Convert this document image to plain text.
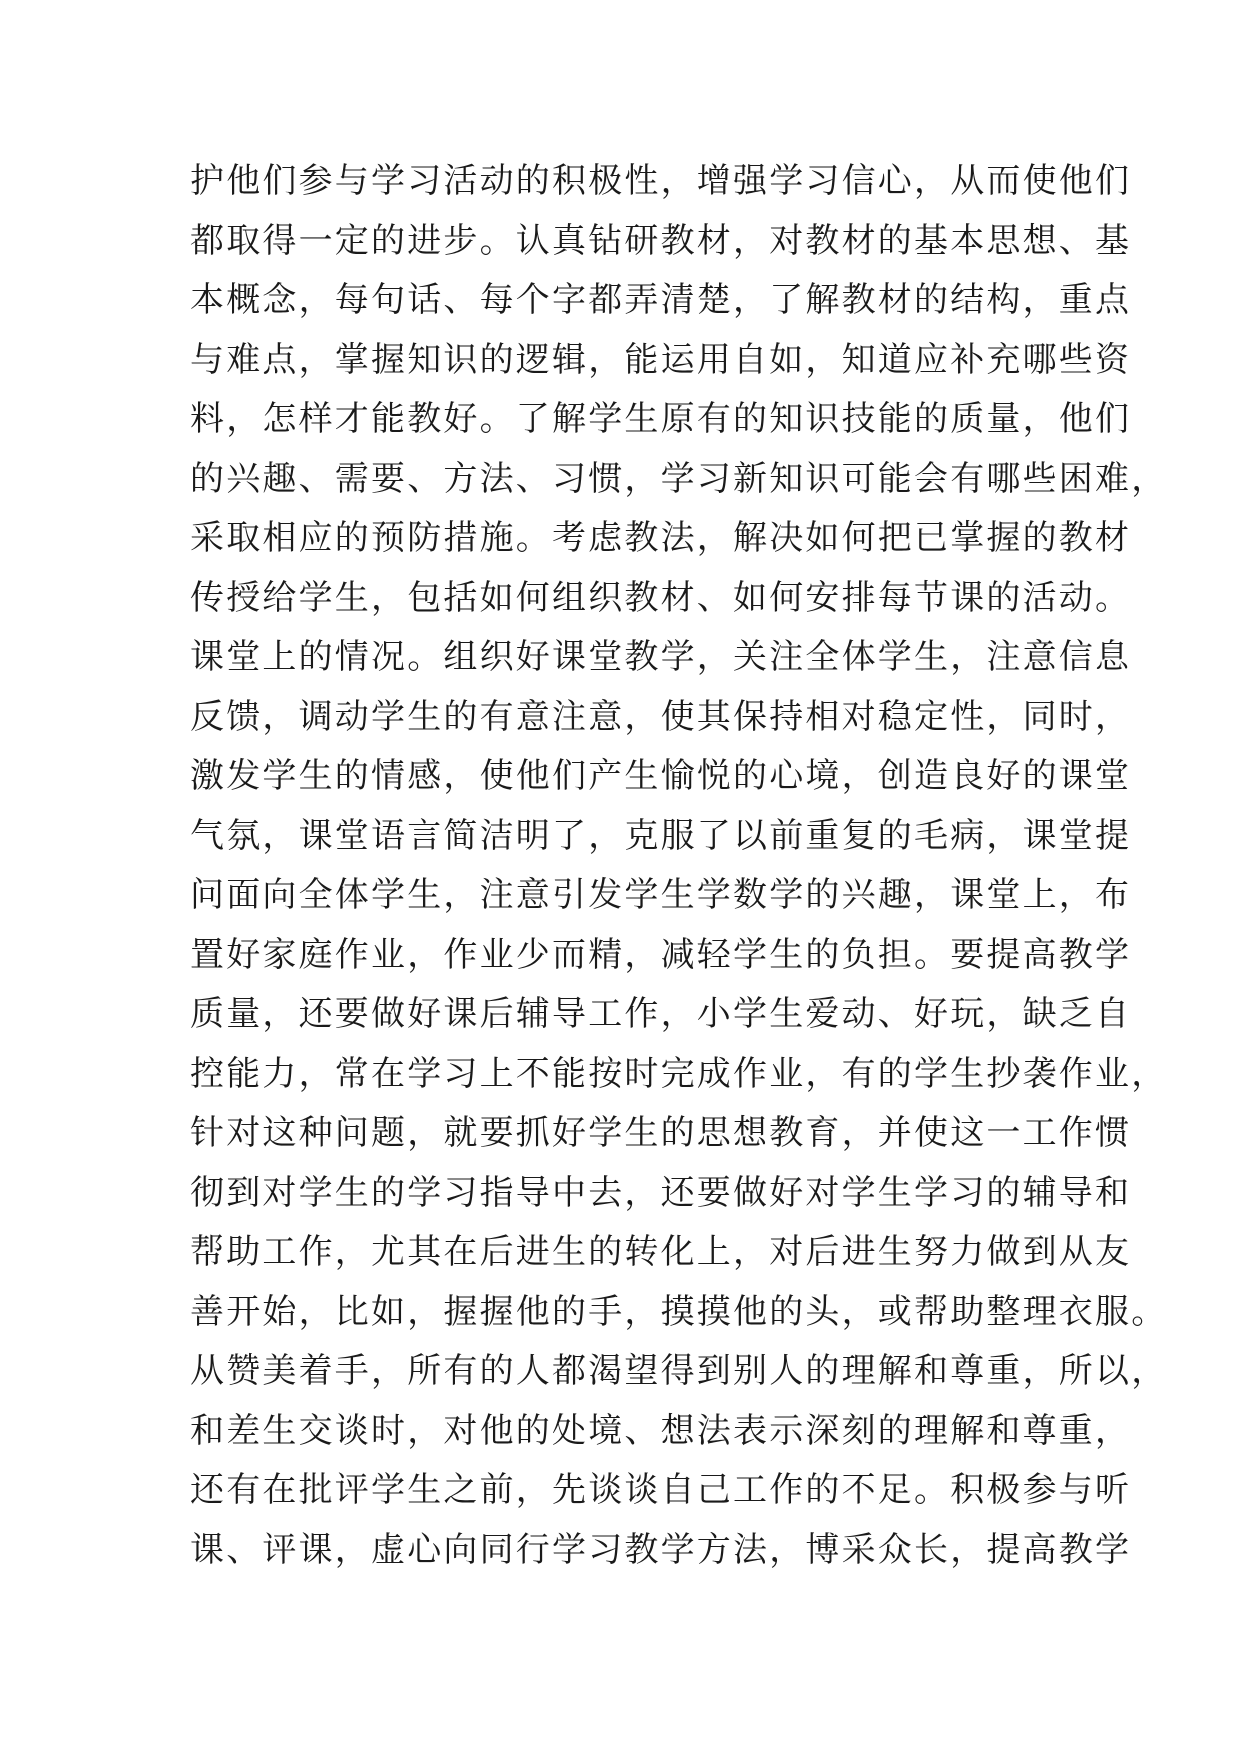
护他们参与学习活动的积极性，增强学习信心，从而使他们
都取得一定的进步。认真钻研教材，对教材的基本思想、基
本概念，每句话、每个字都弄清楚，了解教材的结构，重点
与难点，掌握知识的逻辑，能运用自如，知道应补充哪些资
料，怎样才能教好。了解学生原有的知识技能的质量，他们
的兴趣、需要、方法、习惯，学习新知识可能会有哪些困难，
采取相应的预防措施。考虑教法，解决如何把已掌握的教材
传授给学生，包括如何组织教材、如何安排每节课的活动。
课堂上的情况。组织好课堂教学，关注全体学生，注意信息
反馈，调动学生的有意注意，使其保持相对稳定性，同时，
激发学生的情感，使他们产生愉悦的心境，创造良好的课堂
气氛，课堂语言简洁明了，克服了以前重复的毛病，课堂提
问面向全体学生，注意引发学生学数学的兴趣，课堂上，布
置好家庭作业，作业少而精，减轻学生的负担。要提高教学
质量，还要做好课后辅导工作，小学生爱动、好玩，缺乏自
控能力，常在学习上不能按时完成作业，有的学生抄袭作业，
针对这种问题，就要抓好学生的思想教育，并使这一工作惯
彻到对学生的学习指导中去，还要做好对学生学习的辅导和
帮助工作，尤其在后进生的转化上，对后进生努力做到从友
善开始，比如，握握他的手，摸摸他的头，或帮助整理衣服。
从赞美着手，所有的人都渴望得到别人的理解和尊重，所以，
和差生交谈时，对他的处境、想法表示深刻的理解和尊重，
还有在批评学生之前，先谈谈自己工作的不足。积极参与听
课、评课，虚心向同行学习教学方法，博采众长，提高教学
